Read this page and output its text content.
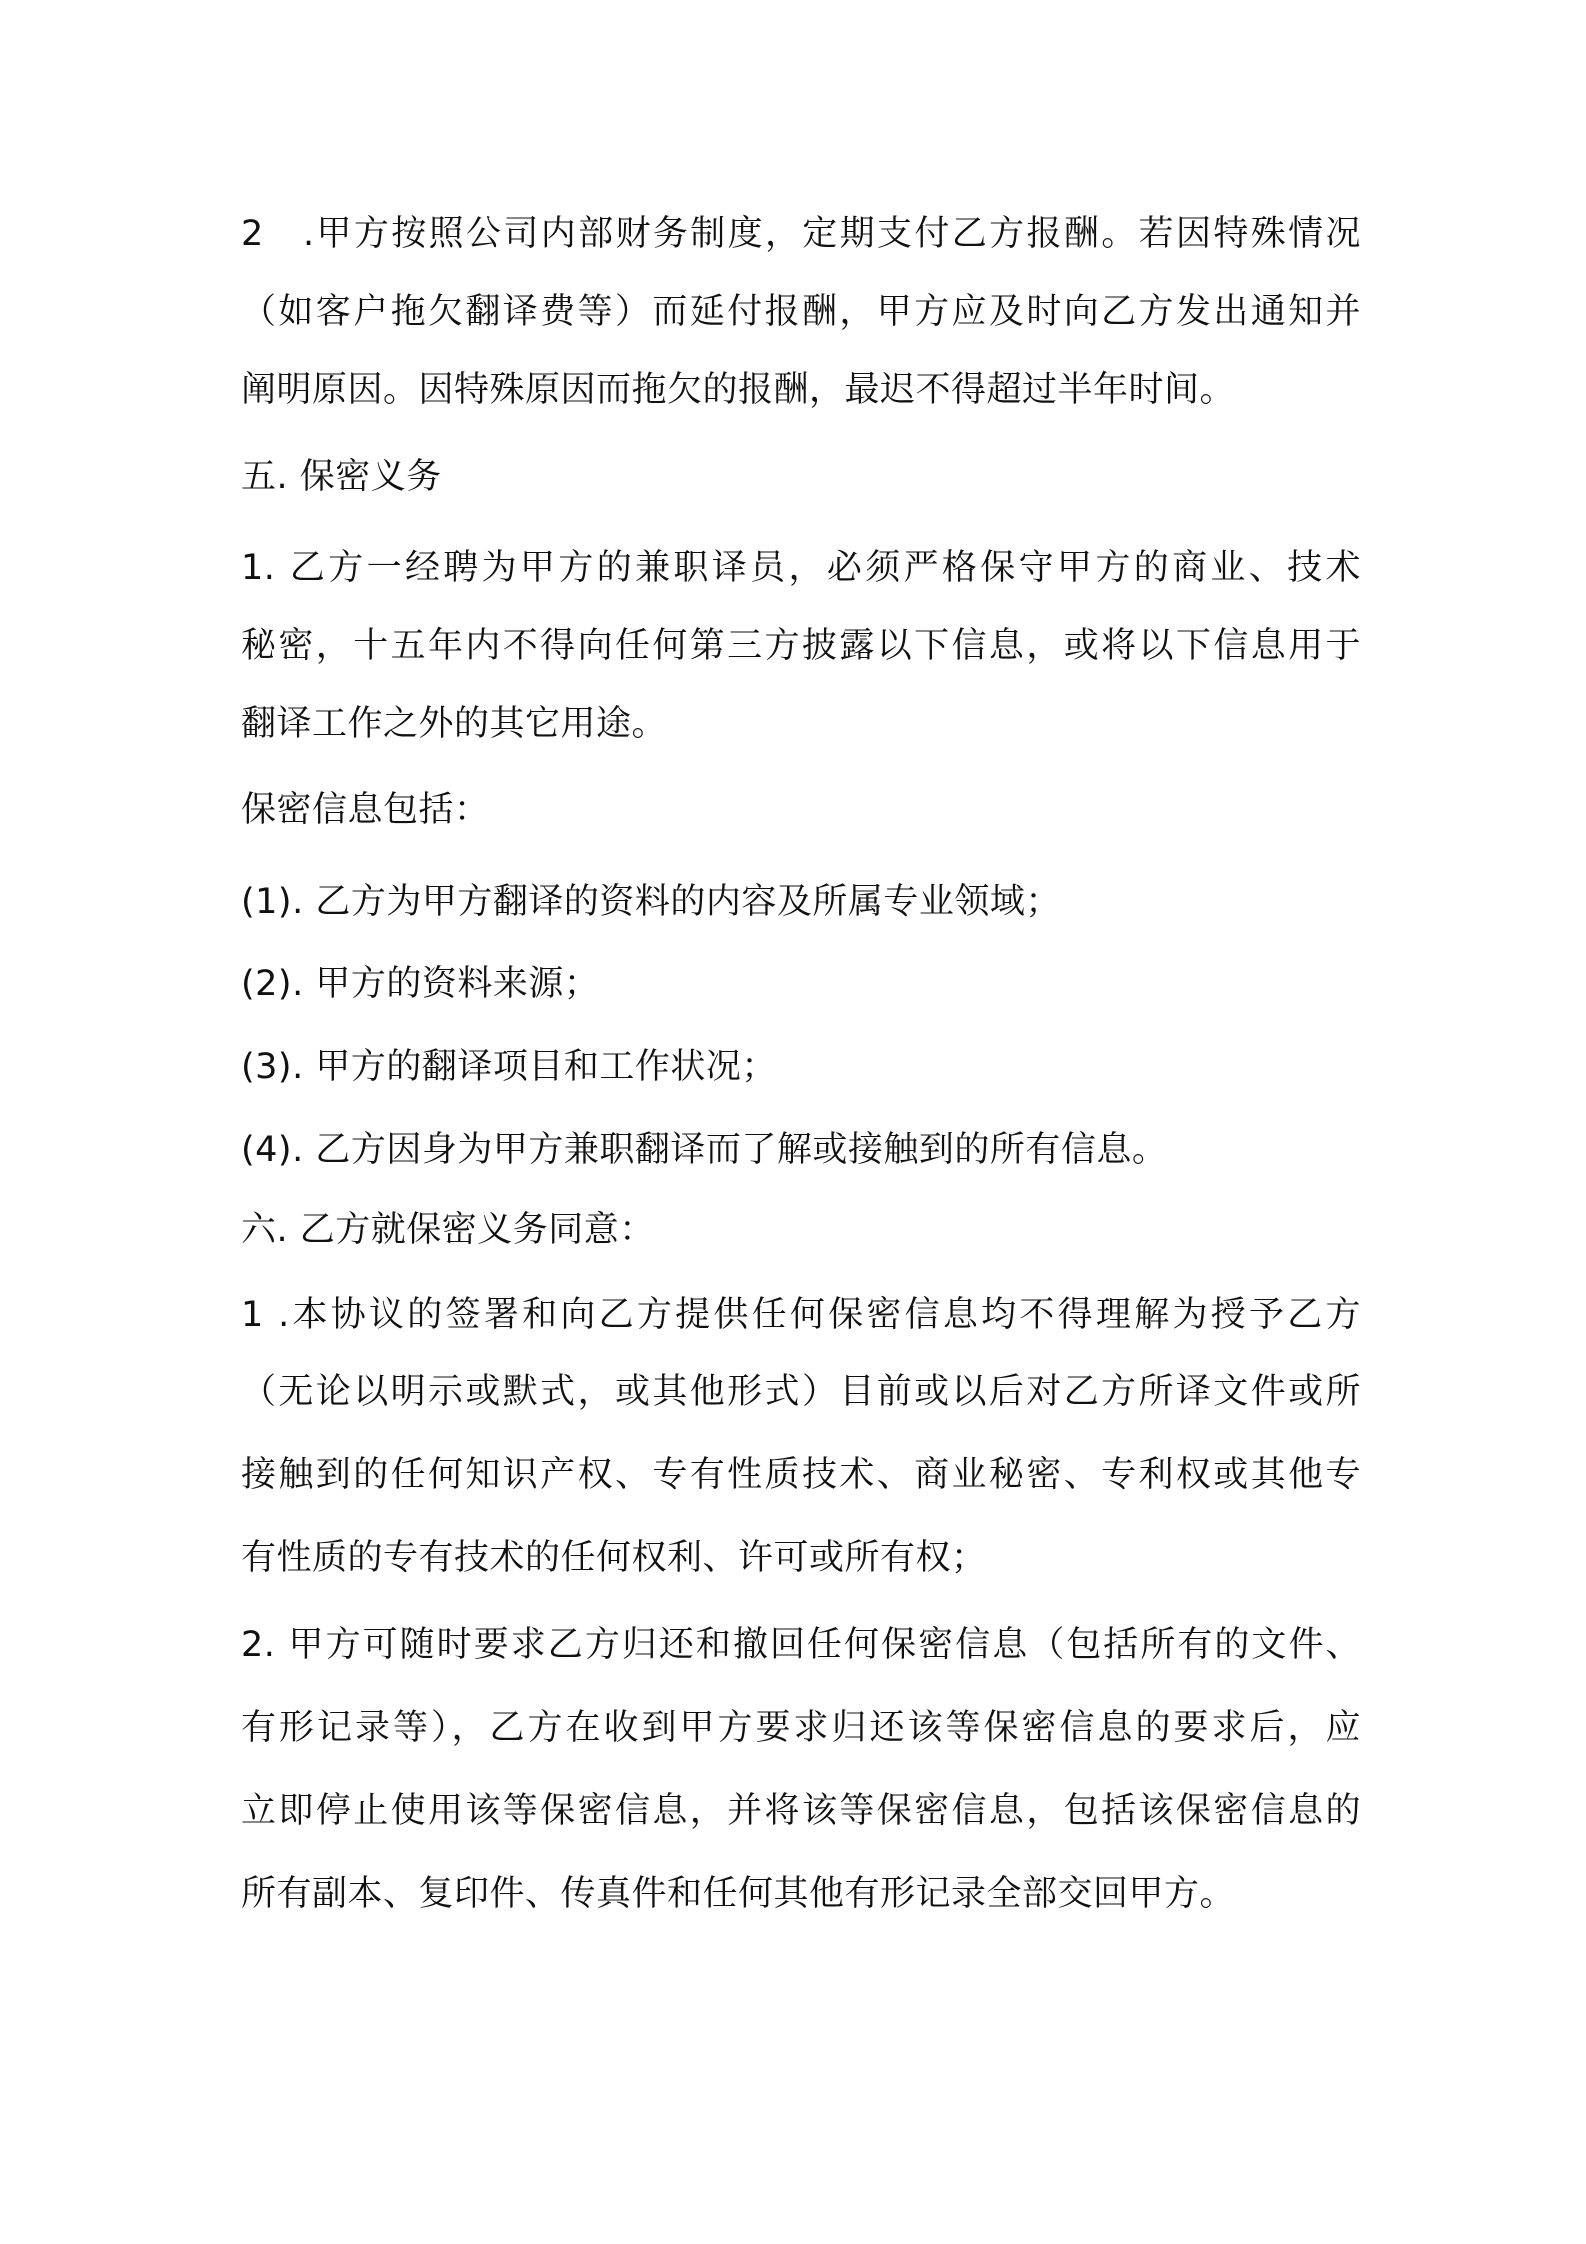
2　.甲方按照公司内部财务制度，定期支付乙方报酬。若因特殊情况
（如客户拖欠翻译费等）而延付报酬，甲方应及时向乙方发出通知并
阐明原因。因特殊原因而拖欠的报酬，最迟不得超过半年时间。
五. 保密义务
1. 乙方一经聘为甲方的兼职译员，必须严格保守甲方的商业、技术
秘密，十五年内不得向任何第三方披露以下信息，或将以下信息用于
翻译工作之外的其它用途。
保密信息包括：
(1). 乙方为甲方翻译的资料的内容及所属专业领域；
(2). 甲方的资料来源；
(3). 甲方的翻译项目和工作状况；
(4). 乙方因身为甲方兼职翻译而了解或接触到的所有信息。
六. 乙方就保密义务同意：
1 .本协议的签署和向乙方提供任何保密信息均不得理解为授予乙方
（无论以明示或默式，或其他形式）目前或以后对乙方所译文件或所
接触到的任何知识产权、专有性质技术、商业秘密、专利权或其他专
有性质的专有技术的任何权利、许可或所有权；
2. 甲方可随时要求乙方归还和撤回任何保密信息（包括所有的文件、
有形记录等），乙方在收到甲方要求归还该等保密信息的要求后，应
立即停止使用该等保密信息，并将该等保密信息，包括该保密信息的
所有副本、复印件、传真件和任何其他有形记录全部交回甲方。
